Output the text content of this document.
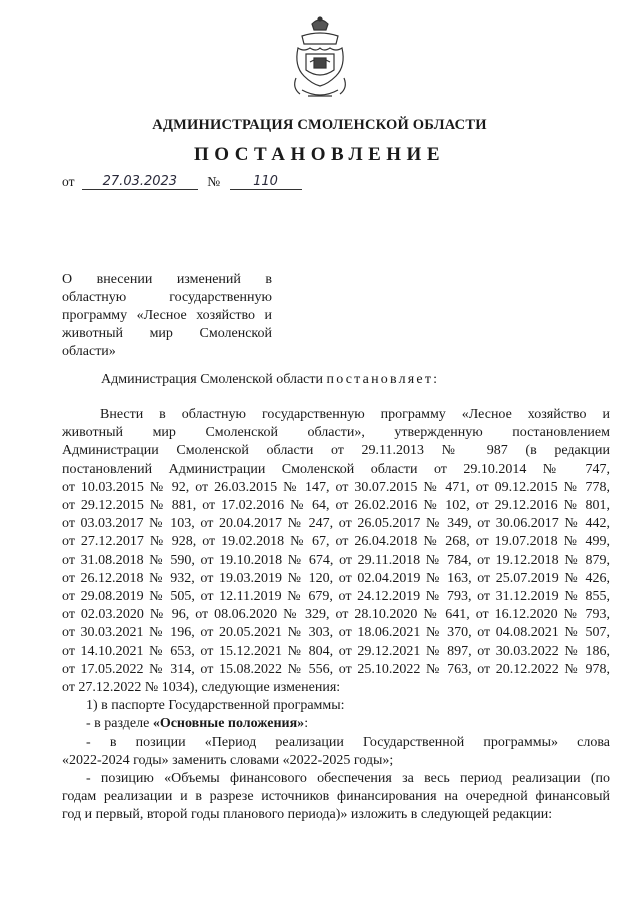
АДМИНИСТРАЦИЯ СМОЛЕНСКОЙ ОБЛАСТИ
ПОСТАНОВЛЕНИЕ
от 27.03.2023 №	110
О внесении изменений в
областную государственную
программу «Лесное хозяйство и
животный мир Смоленской
области»
Администрация Смоленской области постановляет:

Внести в областную государственную программу «Лесное хозяйство и

животный мир Смоленской области», утвержденную постановлением

Администрации Смоленской области от 29.11.2013 № 987 (в редакции

постановлений Администрации Смоленской области от 29.10.2014 № 747,

от 10.03.2015 № 92, от 26.03.2015 № 147, от 30.07.2015 № 471, от 09.12.2015 № 778,

от 29.12.2015 № 881, от 17.02.2016 № 64, от 26.02.2016 № 102, от 29.12.2016 № 801,

от 03.03.2017 № 103, от 20.04.2017 № 247, от 26.05.2017 № 349, от 30.06.2017 № 442,

от 27.12.2017 № 928, от 19.02.2018 № 67, от 26.04.2018 № 268, от 19.07.2018 № 499,

от 31.08.2018 № 590, от 19.10.2018 № 674, от 29.11.2018 № 784, от 19.12.2018 № 879,

от 26.12.2018 № 932, от 19.03.2019 № 120, от 02.04.2019 № 163, от 25.07.2019 № 426,

от 29.08.2019 № 505, от 12.11.2019 № 679, от 24.12.2019 № 793, от 31.12.2019 № 855,

от 02.03.2020 № 96, от 08.06.2020 № 329, от 28.10.2020 № 641, от 16.12.2020 № 793,

от 30.03.2021 № 196, от 20.05.2021 № 303, от 18.06.2021 № 370, от 04.08.2021 № 507,

от 14.10.2021 № 653, от 15.12.2021 № 804, от 29.12.2021 № 897, от 30.03.2022 № 186,

от 17.05.2022 № 314, от 15.08.2022 № 556, от 25.10.2022 № 763, от 20.12.2022 № 978,

от 27.12.2022 № 1034), следующие изменения:

1) в паспорте Государственной программы:

- в разделе «Основные положения»:

- в позиции «Период реализации Государственной программы» слова

«2022-2024 годы» заменить словами «2022-2025 годы»;

- позицию «Объемы финансового обеспечения за весь период реализации (по

годам реализации и в разрезе источников финансирования на очередной финансовый

год и первый, второй годы планового периода)» изложить в следующей редакции:
